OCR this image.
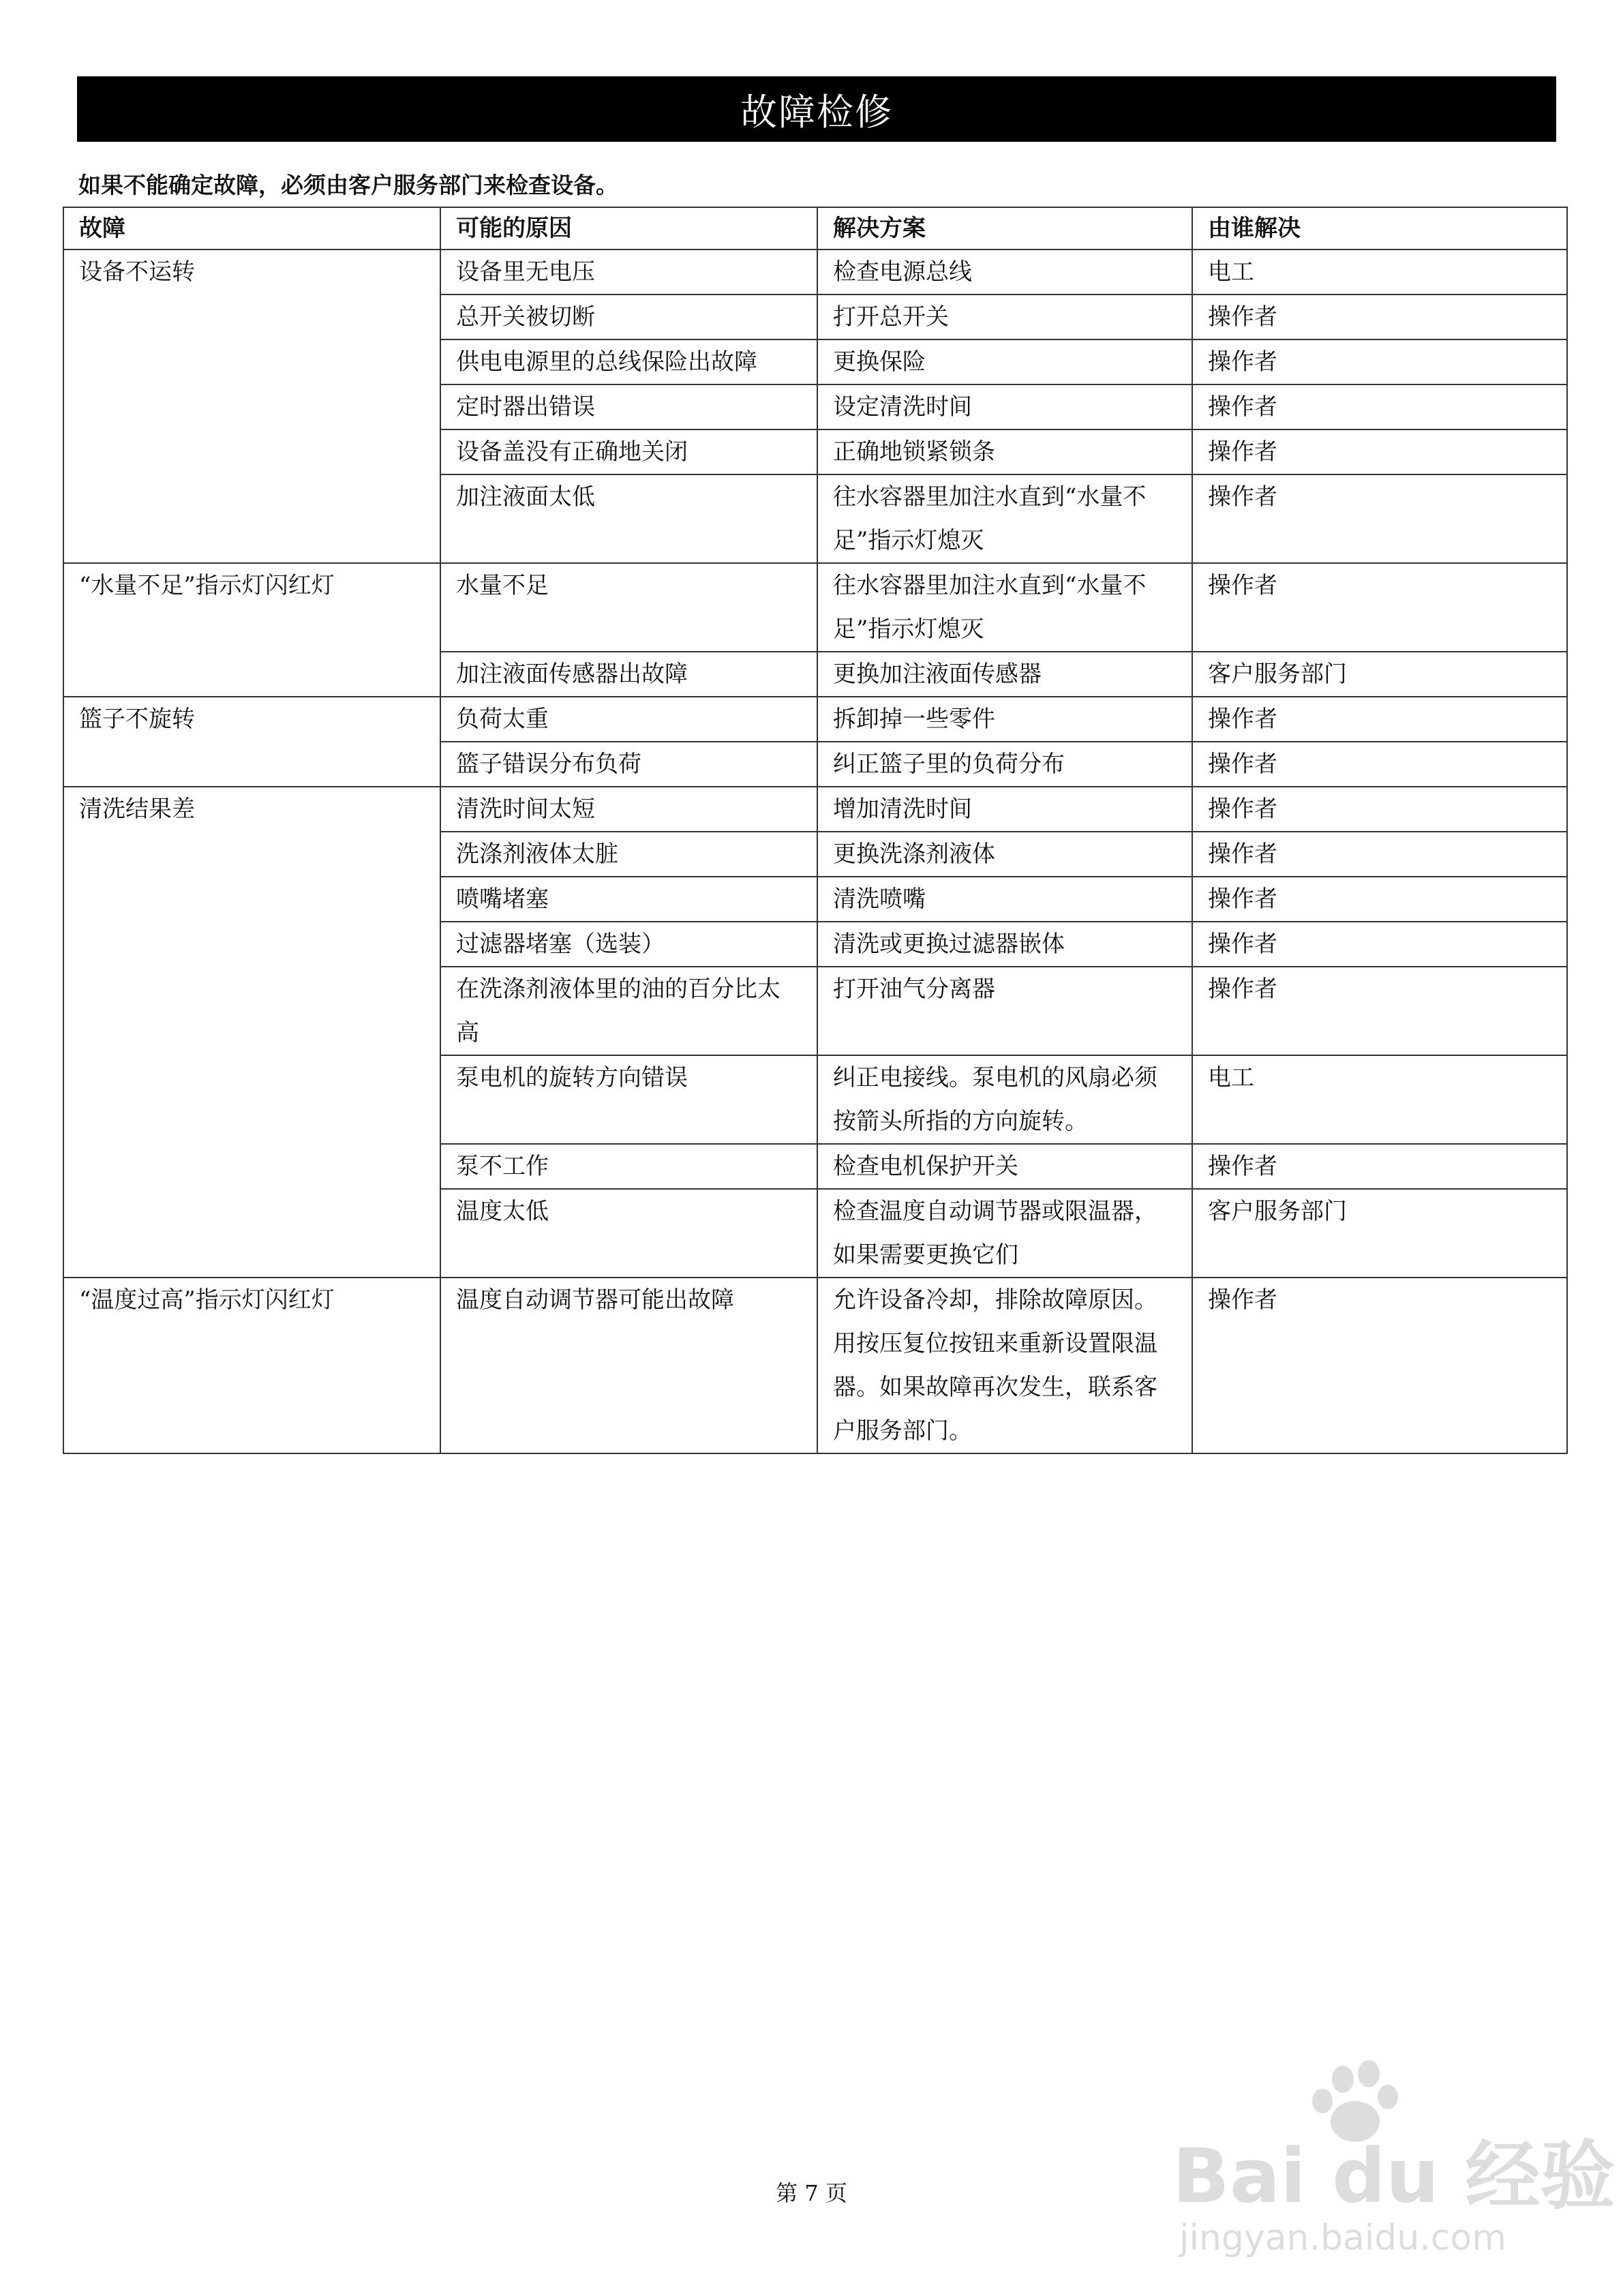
故障检修
如果不能确定故障，必须由客户服务部门来检查设备。
故障	可能的原因	解决方案	由谁解决
设备不运转	设备里无电压	检查电源总线	电工
	总开关被切断	打开总开关	操作者
	供电电源里的总线保险出故障	更换保险	操作者
	定时器出错误	设定清洗时间	操作者
	设备盖没有正确地关闭	正确地锁紧锁条	操作者
	加注液面太低	往水容器里加注水直到“水量不足”指示灯熄灭	操作者
“水量不足”指示灯闪红灯	水量不足	往水容器里加注水直到“水量不足”指示灯熄灭	操作者
	加注液面传感器出故障	更换加注液面传感器	客户服务部门
篮子不旋转	负荷太重	拆卸掉一些零件	操作者
	篮子错误分布负荷	纠正篮子里的负荷分布	操作者
清洗结果差	清洗时间太短	增加清洗时间	操作者
	洗涤剂液体太脏	更换洗涤剂液体	操作者
	喷嘴堵塞	清洗喷嘴	操作者
	过滤器堵塞（选装）	清洗或更换过滤器嵌体	操作者
	在洗涤剂液体里的油的百分比太高	打开油气分离器	操作者
	泵电机的旋转方向错误	纠正电接线。泵电机的风扇必须按箭头所指的方向旋转。	电工
	泵不工作	检查电机保护开关	操作者
	温度太低	检查温度自动调节器或限温器，如果需要更换它们	客户服务部门
“温度过高”指示灯闪红灯	温度自动调节器可能出故障	允许设备冷却，排除故障原因。用按压复位按钮来重新设置限温器。如果故障再次发生，联系客户服务部门。	操作者
第 7 页	Bai du 经验
jingyan.baidu.com
